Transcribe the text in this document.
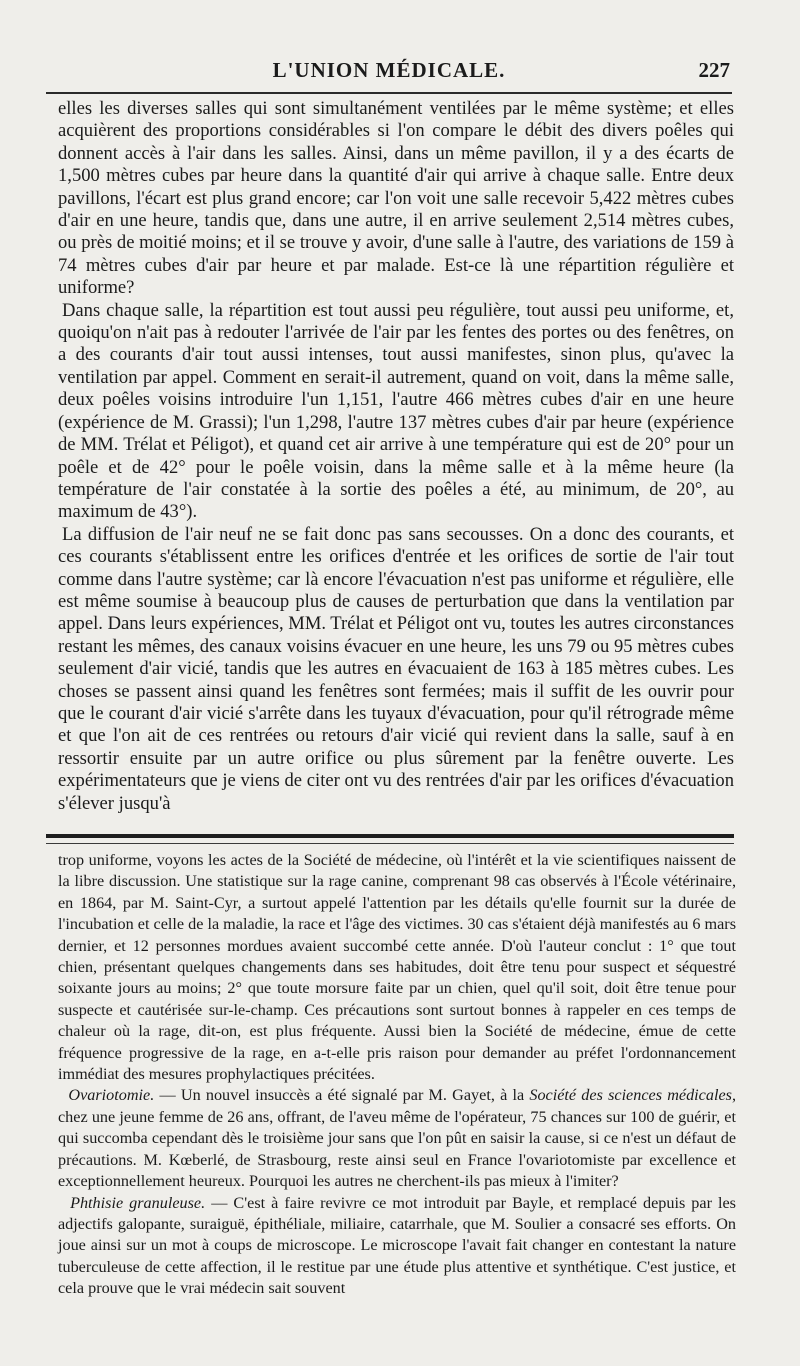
L'UNION MÉDICALE.	227

elles les diverses salles qui sont simultanément ventilées par le même système; et elles acquièrent des proportions considérables si l'on compare le débit des divers poêles qui donnent accès à l'air dans les salles. Ainsi, dans un même pavillon, il y a des écarts de 1,500 mètres cubes par heure dans la quantité d'air qui arrive à chaque salle. Entre deux pavillons, l'écart est plus grand encore; car l'on voit une salle recevoir 5,422 mètres cubes d'air en une heure, tandis que, dans une autre, il en arrive seulement 2,514 mètres cubes, ou près de moitié moins; et il se trouve y avoir, d'une salle à l'autre, des variations de 159 à 74 mètres cubes d'air par heure et par malade. Est-ce là une répartition régulière et uniforme?

Dans chaque salle, la répartition est tout aussi peu régulière, tout aussi peu uniforme, et, quoiqu'on n'ait pas à redouter l'arrivée de l'air par les fentes des portes ou des fenêtres, on a des courants d'air tout aussi intenses, tout aussi manifestes, sinon plus, qu'avec la ventilation par appel. Comment en serait-il autrement, quand on voit, dans la même salle, deux poêles voisins introduire l'un 1,151, l'autre 466 mètres cubes d'air en une heure (expérience de M. Grassi); l'un 1,298, l'autre 137 mètres cubes d'air par heure (expérience de MM. Trélat et Péligot), et quand cet air arrive à une température qui est de 20° pour un poêle et de 42° pour le poêle voisin, dans la même salle et à la même heure (la température de l'air constatée à la sortie des poêles a été, au minimum, de 20°, au maximum de 43°).

La diffusion de l'air neuf ne se fait donc pas sans secousses. On a donc des courants, et ces courants s'établissent entre les orifices d'entrée et les orifices de sortie de l'air tout comme dans l'autre système; car là encore l'évacuation n'est pas uniforme et régulière, elle est même soumise à beaucoup plus de causes de perturbation que dans la ventilation par appel. Dans leurs expériences, MM. Trélat et Péligot ont vu, toutes les autres circonstances restant les mêmes, des canaux voisins évacuer en une heure, les uns 79 ou 95 mètres cubes seulement d'air vicié, tandis que les autres en évacuaient de 163 à 185 mètres cubes. Les choses se passent ainsi quand les fenêtres sont fermées; mais il suffit de les ouvrir pour que le courant d'air vicié s'arrête dans les tuyaux d'évacuation, pour qu'il rétrograde même et que l'on ait de ces rentrées ou retours d'air vicié qui revient dans la salle, sauf à en ressortir ensuite par un autre orifice ou plus sûrement par la fenêtre ouverte. Les expérimentateurs que je viens de citer ont vu des rentrées d'air par les orifices d'évacuation s'élever jusqu'à

trop uniforme, voyons les actes de la Société de médecine, où l'intérêt et la vie scientifiques naissent de la libre discussion. Une statistique sur la rage canine, comprenant 98 cas observés à l'École vétérinaire, en 1864, par M. Saint-Cyr, a surtout appelé l'attention par les détails qu'elle fournit sur la durée de l'incubation et celle de la maladie, la race et l'âge des victimes. 30 cas s'étaient déjà manifestés au 6 mars dernier, et 12 personnes mordues avaient succombé cette année. D'où l'auteur conclut : 1° que tout chien, présentant quelques changements dans ses habitudes, doit être tenu pour suspect et séquestré soixante jours au moins; 2° que toute morsure faite par un chien, quel qu'il soit, doit être tenue pour suspecte et cautérisée sur-le-champ. Ces précautions sont surtout bonnes à rappeler en ces temps de chaleur où la rage, dit-on, est plus fréquente. Aussi bien la Société de médecine, émue de cette fréquence progressive de la rage, en a-t-elle pris raison pour demander au préfet l'ordonnancement immédiat des mesures prophylactiques précitées.

Ovariotomie. — Un nouvel insuccès a été signalé par M. Gayet, à la Société des sciences médicales, chez une jeune femme de 26 ans, offrant, de l'aveu même de l'opérateur, 75 chances sur 100 de guérir, et qui succomba cependant dès le troisième jour sans que l'on pût en saisir la cause, si ce n'est un défaut de précautions. M. Kœberlé, de Strasbourg, reste ainsi seul en France l'ovariotomiste par excellence et exceptionnellement heureux. Pourquoi les autres ne cherchent-ils pas mieux à l'imiter?

Phthisie granuleuse. — C'est à faire revivre ce mot introduit par Bayle, et remplacé depuis par les adjectifs galopante, suraiguë, épithéliale, miliaire, catarrhale, que M. Soulier a consacré ses efforts. On joue ainsi sur un mot à coups de microscope. Le microscope l'avait fait changer en contestant la nature tuberculeuse de cette affection, il le restitue par une étude plus attentive et synthétique. C'est justice, et cela prouve que le vrai médecin sait souvent
